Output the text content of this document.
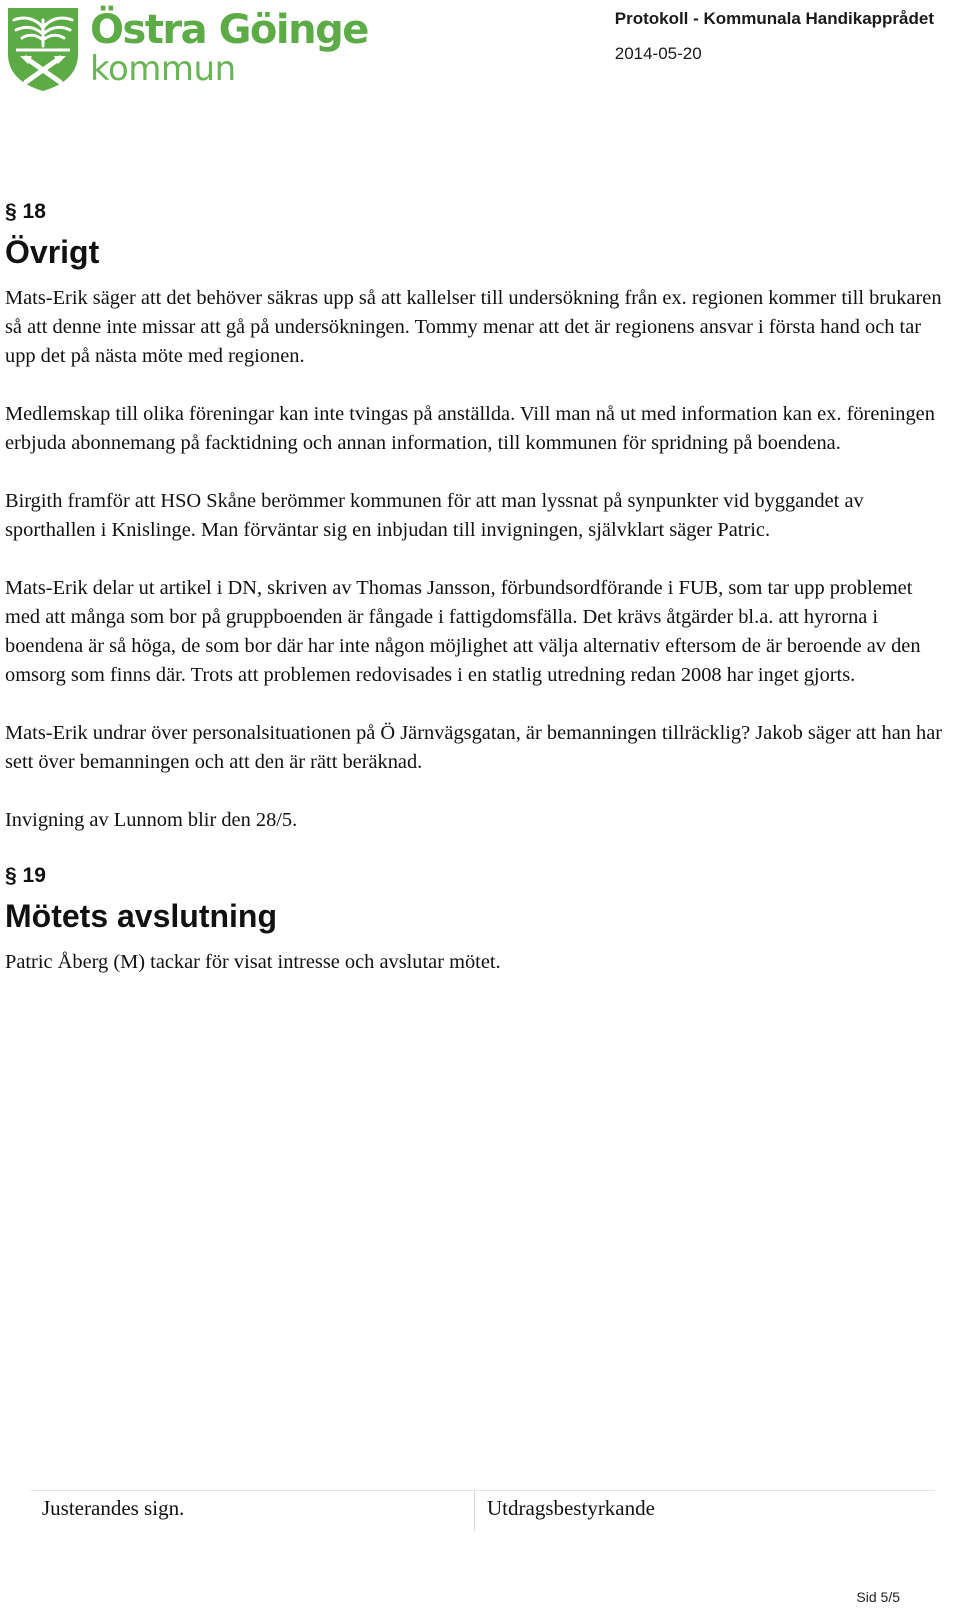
Östra Göinge
kommun
Protokoll - Kommunala Handikapprådet
2014-05-20
§ 18
Övrigt

Mats-Erik säger att det behöver säkras upp så att kallelser till undersökning från ex. regionen kommer till brukaren så att denne inte missar att gå på undersökningen. Tommy menar att det är regionens ansvar i första hand och tar upp det på nästa möte med regionen.

Medlemskap till olika föreningar kan inte tvingas på anställda. Vill man nå ut med information kan ex. föreningen erbjuda abonnemang på facktidning och annan information, till kommunen för spridning på boendena.

Birgith framför att HSO Skåne berömmer kommunen för att man lyssnat på synpunkter vid byggandet av sporthallen i Knislinge. Man förväntar sig en inbjudan till invigningen, självklart säger Patric.

Mats-Erik delar ut artikel i DN, skriven av Thomas Jansson, förbundsordförande i FUB, som tar upp problemet med att många som bor på gruppboenden är fångade i fattigdomsfälla. Det krävs åtgärder bl.a. att hyrorna i boendena är så höga, de som bor där har inte någon möjlighet att välja alternativ eftersom de är beroende av den omsorg som finns där. Trots att problemen redovisades i en statlig utredning redan 2008 har inget gjorts.

Mats-Erik undrar över personalsituationen på Ö Järnvägsgatan, är bemanningen tillräcklig? Jakob säger att han har sett över bemanningen och att den är rätt beräknad.

Invigning av Lunnom blir den 28/5.

§ 19
Mötets avslutning

Patric Åberg (M) tackar för visat intresse och avslutar mötet.

Justerandes sign.	Utdragsbestyrkande
Sid 5/5
